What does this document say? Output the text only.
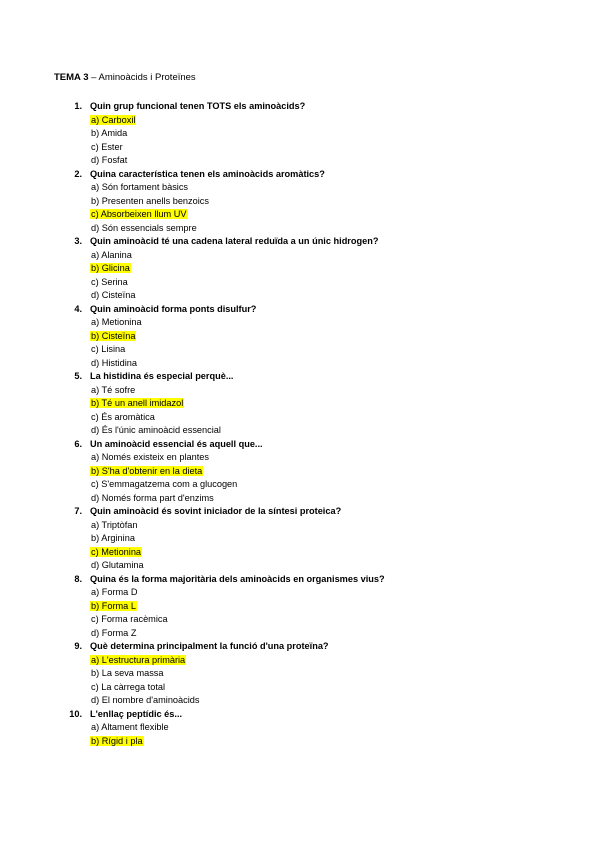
TEMA 3 – Aminoàcids i Proteïnes
1. Quin grup funcional tenen TOTS els aminoàcids?
a) Carboxil
b) Amida
c) Ester
d) Fosfat
2. Quina característica tenen els aminoàcids aromàtics?
a) Són fortament bàsics
b) Presenten anells benzoics
c) Absorbeixen llum UV
d) Són essencials sempre
3. Quin aminoàcid té una cadena lateral reduïda a un únic hidrogen?
a) Alanina
b) Glicina
c) Serina
d) Cisteïna
4. Quin aminoàcid forma ponts disulfur?
a) Metionina
b) Cisteïna
c) Lisina
d) Histidina
5. La histidina és especial perquè...
a) Té sofre
b) Té un anell imidazol
c) És aromàtica
d) És l'únic aminoàcid essencial
6. Un aminoàcid essencial és aquell que...
a) Només existeix en plantes
b) S'ha d'obtenir en la dieta
c) S'emmagatzema com a glucogen
d) Només forma part d'enzims
7. Quin aminoàcid és sovint iniciador de la síntesi proteica?
a) Triptòfan
b) Arginina
c) Metionina
d) Glutamina
8. Quina és la forma majoritària dels aminoàcids en organismes vius?
a) Forma D
b) Forma L
c) Forma racèmica
d) Forma Z
9. Què determina principalment la funció d'una proteïna?
a) L'estructura primària
b) La seva massa
c) La càrrega total
d) El nombre d'aminoàcids
10. L'enllaç peptídic és...
a) Altament flexible
b) Rígid i pla
